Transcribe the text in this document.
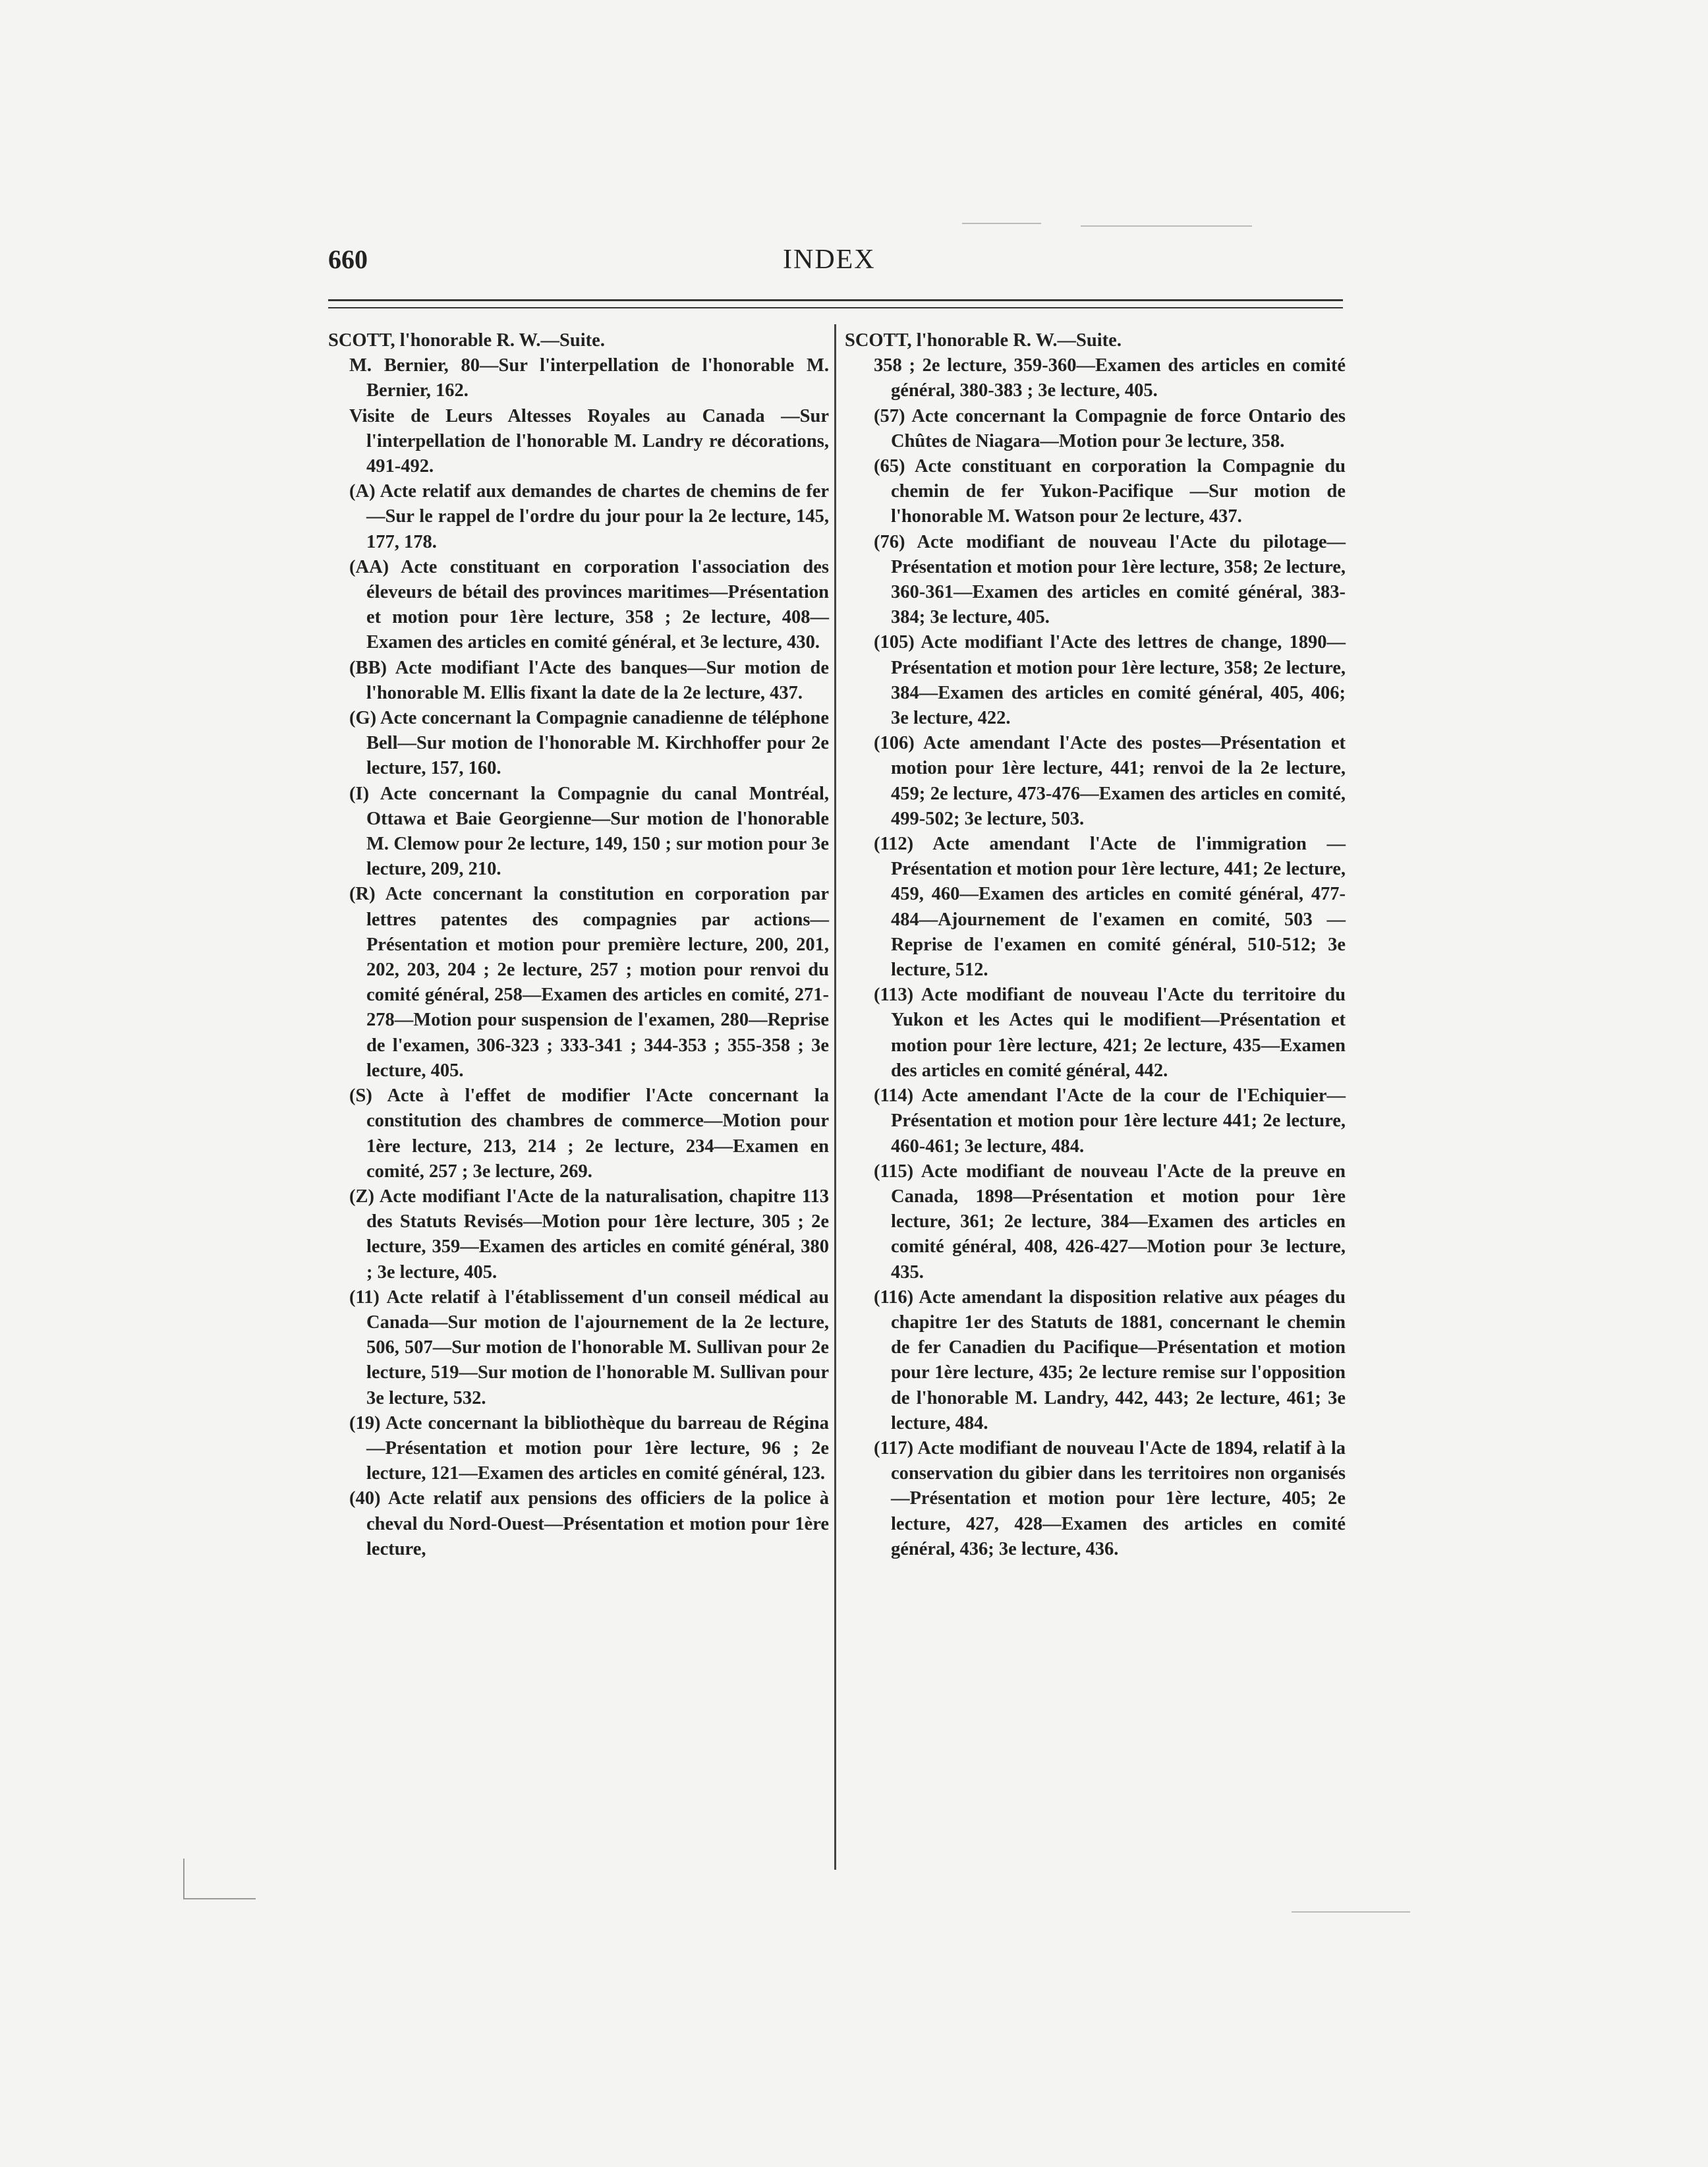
660	INDEX

SCOTT, l'honorable R. W.—Suite.

M. Bernier, 80—Sur l'interpellation de l'honorable M. Bernier, 162.

Visite de Leurs Altesses Royales au Canada —Sur l'interpellation de l'honorable M. Landry re décorations, 491-492.

(A) Acte relatif aux demandes de chartes de chemins de fer—Sur le rappel de l'ordre du jour pour la 2e lecture, 145, 177, 178.

(AA) Acte constituant en corporation l'association des éleveurs de bétail des provinces maritimes—Présentation et motion pour 1ère lecture, 358 ; 2e lecture, 408—Examen des articles en comité général, et 3e lecture, 430.

(BB) Acte modifiant l'Acte des banques—Sur motion de l'honorable M. Ellis fixant la date de la 2e lecture, 437.

(G) Acte concernant la Compagnie canadienne de téléphone Bell—Sur motion de l'honorable M. Kirchhoffer pour 2e lecture, 157, 160.

(I) Acte concernant la Compagnie du canal Montréal, Ottawa et Baie Georgienne—Sur motion de l'honorable M. Clemow pour 2e lecture, 149, 150 ; sur motion pour 3e lecture, 209, 210.

(R) Acte concernant la constitution en corporation par lettres patentes des compagnies par actions—Présentation et motion pour première lecture, 200, 201, 202, 203, 204 ; 2e lecture, 257 ; motion pour renvoi du comité général, 258—Examen des articles en comité, 271-278—Motion pour suspension de l'examen, 280—Reprise de l'examen, 306-323 ; 333-341 ; 344-353 ; 355-358 ; 3e lecture, 405.

(S) Acte à l'effet de modifier l'Acte concernant la constitution des chambres de commerce—Motion pour 1ère lecture, 213, 214 ; 2e lecture, 234—Examen en comité, 257 ; 3e lecture, 269.

(Z) Acte modifiant l'Acte de la naturalisation, chapitre 113 des Statuts Revisés—Motion pour 1ère lecture, 305 ; 2e lecture, 359—Examen des articles en comité général, 380 ; 3e lecture, 405.

(11) Acte relatif à l'établissement d'un conseil médical au Canada—Sur motion de l'ajournement de la 2e lecture, 506, 507—Sur motion de l'honorable M. Sullivan pour 2e lecture, 519—Sur motion de l'honorable M. Sullivan pour 3e lecture, 532.

(19) Acte concernant la bibliothèque du barreau de Régina—Présentation et motion pour 1ère lecture, 96 ; 2e lecture, 121—Examen des articles en comité général, 123.

(40) Acte relatif aux pensions des officiers de la police à cheval du Nord-Ouest—Présentation et motion pour 1ère lecture,

SCOTT, l'honorable R. W.—Suite.

358 ; 2e lecture, 359-360—Examen des articles en comité général, 380-383 ; 3e lecture, 405.

(57) Acte concernant la Compagnie de force Ontario des Chûtes de Niagara—Motion pour 3e lecture, 358.

(65) Acte constituant en corporation la Compagnie du chemin de fer Yukon-Pacifique —Sur motion de l'honorable M. Watson pour 2e lecture, 437.

(76) Acte modifiant de nouveau l'Acte du pilotage—Présentation et motion pour 1ère lecture, 358; 2e lecture, 360-361—Examen des articles en comité général, 383-384; 3e lecture, 405.

(105) Acte modifiant l'Acte des lettres de change, 1890—Présentation et motion pour 1ère lecture, 358; 2e lecture, 384—Examen des articles en comité général, 405, 406; 3e lecture, 422.

(106) Acte amendant l'Acte des postes—Présentation et motion pour 1ère lecture, 441; renvoi de la 2e lecture, 459; 2e lecture, 473-476—Examen des articles en comité, 499-502; 3e lecture, 503.

(112) Acte amendant l'Acte de l'immigration —Présentation et motion pour 1ère lecture, 441; 2e lecture, 459, 460—Examen des articles en comité général, 477-484—Ajournement de l'examen en comité, 503 —Reprise de l'examen en comité général, 510-512; 3e lecture, 512.

(113) Acte modifiant de nouveau l'Acte du territoire du Yukon et les Actes qui le modifient—Présentation et motion pour 1ère lecture, 421; 2e lecture, 435—Examen des articles en comité général, 442.

(114) Acte amendant l'Acte de la cour de l'Echiquier—Présentation et motion pour 1ère lecture 441; 2e lecture, 460-461; 3e lecture, 484.

(115) Acte modifiant de nouveau l'Acte de la preuve en Canada, 1898—Présentation et motion pour 1ère lecture, 361; 2e lecture, 384—Examen des articles en comité général, 408, 426-427—Motion pour 3e lecture, 435.

(116) Acte amendant la disposition relative aux péages du chapitre 1er des Statuts de 1881, concernant le chemin de fer Canadien du Pacifique—Présentation et motion pour 1ère lecture, 435; 2e lecture remise sur l'opposition de l'honorable M. Landry, 442, 443; 2e lecture, 461; 3e lecture, 484.

(117) Acte modifiant de nouveau l'Acte de 1894, relatif à la conservation du gibier dans les territoires non organisés—Présentation et motion pour 1ère lecture, 405; 2e lecture, 427, 428—Examen des articles en comité général, 436; 3e lecture, 436.
